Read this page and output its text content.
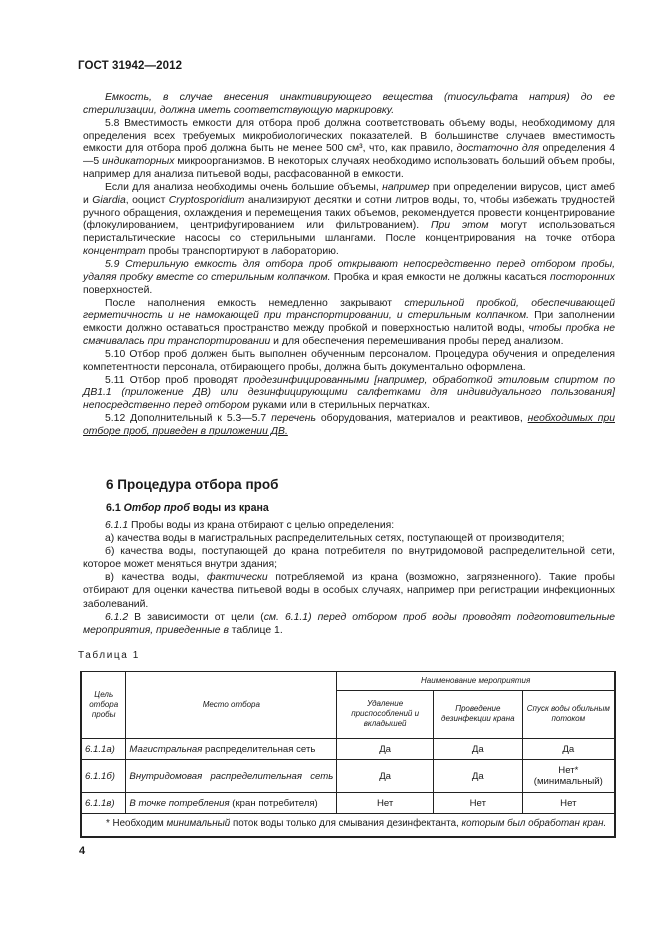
ГОСТ 31942—2012

Емкость, в случае внесения инактивирующего вещества (тиосульфата натрия) до ее стерилизации, должна иметь соответствующую маркировку.

5.8 Вместимость емкости для отбора проб должна соответствовать объему воды, необходимому для определения всех требуемых микробиологических показателей. В большинстве случаев вместимость емкости для отбора проб должна быть не менее 500 см³, что, как правило, достаточно для определения 4—5 индикаторных микроорганизмов. В некоторых случаях необходимо использовать больший объем пробы, например для анализа питьевой воды, расфасованной в емкости.

Если для анализа необходимы очень большие объемы, например при определении вирусов, цист амеб и Giardia, ооцист Cryptosporidium анализируют десятки и сотни литров воды, то, чтобы избежать трудностей ручного обращения, охлаждения и перемещения таких объемов, рекомендуется провести концентрирование (флокулированием, центрифугированием или фильтрованием). При этом могут использоваться перистальтические насосы со стерильными шлангами. После концентрирования на точке отбора концентрат пробы транспортируют в лабораторию.

5.9 Стерильную емкость для отбора проб открывают непосредственно перед отбором пробы, удаляя пробку вместе со стерильным колпачком. Пробка и края емкости не должны касаться посторонних поверхностей.

После наполнения емкость немедленно закрывают стерильной пробкой, обеспечивающей герметичность и не намокающей при транспортировании, и стерильным колпачком. При заполнении емкости должно оставаться пространство между пробкой и поверхностью налитой воды, чтобы пробка не смачивалась при транспортировании и для обеспечения перемешивания пробы перед анализом.

5.10 Отбор проб должен быть выполнен обученным персоналом. Процедура обучения и определения компетентности персонала, отбирающего пробы, должна быть документально оформлена.

5.11 Отбор проб проводят продезинфицированными [например, обработкой этиловым спиртом по ДВ1.1 (приложение ДВ) или дезинфицирующими салфетками для индивидуального пользования] непосредственно перед отбором руками или в стерильных перчатках.

5.12 Дополнительный к 5.3—5.7 перечень оборудования, материалов и реактивов, необходимых при отборе проб, приведен в приложении ДВ.

6 Процедура отбора проб
6.1 Отбор проб воды из крана

6.1.1 Пробы воды из крана отбирают с целью определения:

а) качества воды в магистральных распределительных сетях, поступающей от производителя;

б) качества воды, поступающей до крана потребителя по внутридомовой распределительной сети, которое может меняться внутри здания;

в) качества воды, фактически потребляемой из крана (возможно, загрязненного). Такие пробы отбирают для оценки качества питьевой воды в особых случаях, например при регистрации инфекционных заболеваний.

6.1.2 В зависимости от цели (см. 6.1.1) перед отбором проб воды проводят подготовительные мероприятия, приведенные в таблице 1.

Таблица 1
Цель отбора пробы	Место отбора	Наименование мероприятия		
		Удаление приспособлений и вкладышей	Проведение дезинфекции крана	Спуск воды обильным потоком
6.1.1а)	Магистральная распределительная сеть	Да	Да	Да
6.1.1б)	Внутридомовая распределительная сеть	Да	Да	Нет* (минимальный)
6.1.1в)	В точке потребления (кран потребителя)	Нет	Нет	Нет
* Необходим минимальный поток воды только для смывания дезинфектанта, которым был обработан кран.				
4
